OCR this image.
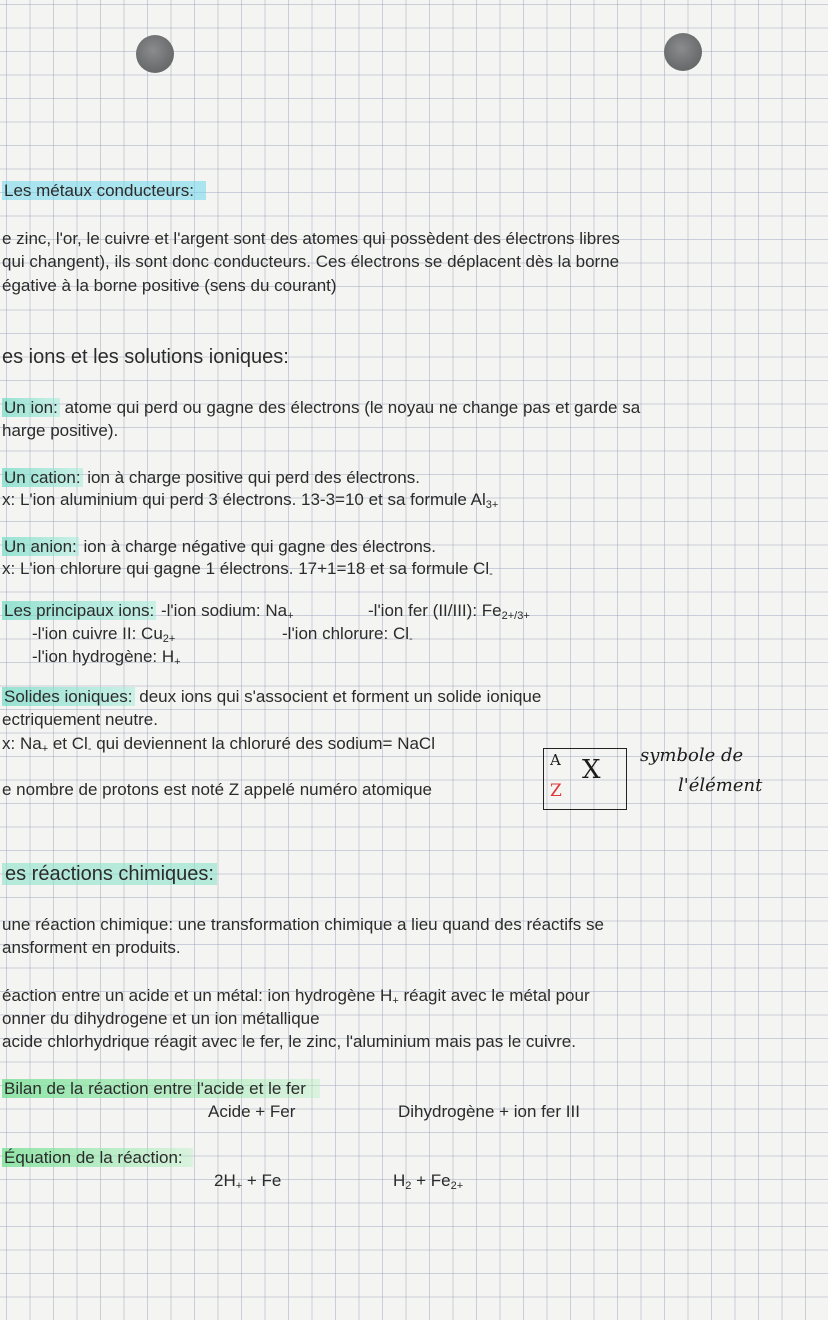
Les métaux conducteurs:
e zinc, l'or, le cuivre et l'argent sont des atomes qui possèdent des électrons libres
qui changent), ils sont donc conducteurs. Ces électrons se déplacent dès la borne
égative à la borne positive (sens du courant)
es ions et les solutions ioniques:
Un ion: atome qui perd ou gagne des électrons (le noyau ne change pas et garde sa
harge positive).
Un cation: ion à charge positive qui perd des électrons.
x: L'ion aluminium qui perd 3 électrons. 13-3=10 et sa formule $Al_{3+}$
Un anion: ion à charge négative qui gagne des électrons.
x: L'ion chlorure qui gagne 1 électrons. 17+1=18 et sa formule $Cl_-$
Les principaux ions: -l'ion sodium: $Na_+$	-l'ion fer (II/III): $Fe_{2+/3+}$
-l'ion cuivre II: $Cu_{2+}$	-l'ion chlorure: $Cl_-$
-l'ion hydrogène: $H_+$
Solides ioniques: deux ions qui s'associent et forment un solide ionique
ectriquement neutre.
x: $Na_+$ et $Cl_-$ qui deviennent la chloruré des sodium= NaCl
e nombre de protons est noté Z appelé numéro atomique
A X
Z
symbole de
l'élément
es réactions chimiques:
une réaction chimique: une transformation chimique a lieu quand des réactifs se
ansforment en produits.
éaction entre un acide et un métal: ion hydrogène $H_+$ réagit avec le métal pour
onner du dihydrogene et un ion métallique
acide chlorhydrique réagit avec le fer, le zinc, l'aluminium mais pas le cuivre.
Bilan de la réaction entre l'acide et le fer
Acide + Fer	Dihydrogène + ion fer III
Équation de la réaction:
$2H_+ + Fe$	$H_2 + Fe_{2+}$
